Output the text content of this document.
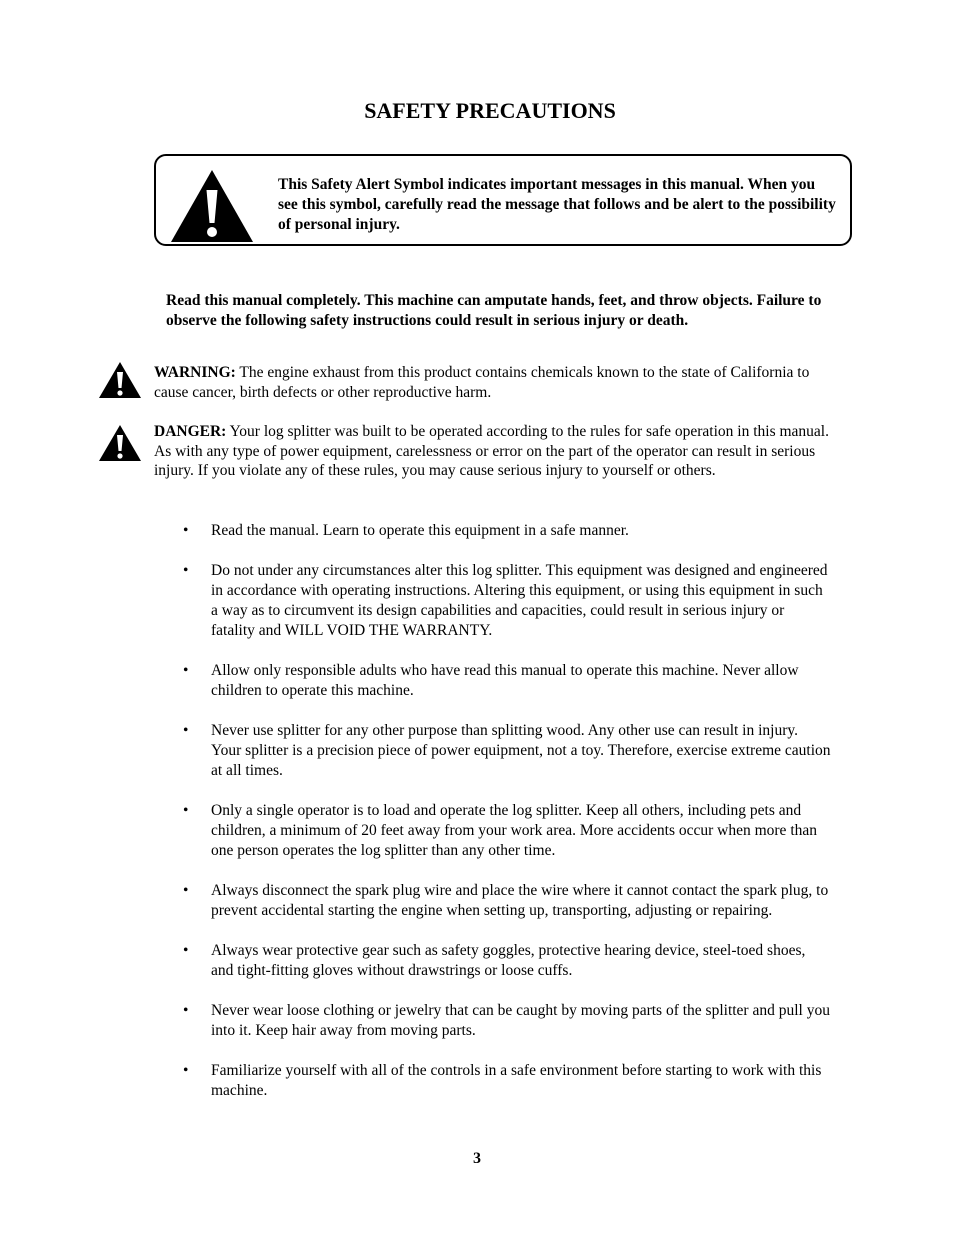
SAFETY PRECAUTIONS
This Safety Alert Symbol indicates important messages in this manual. When you see this symbol, carefully read the message that follows and be alert to the possibility of personal injury.
Read this manual completely. This machine can amputate hands, feet, and throw objects. Failure to observe the following safety instructions could result in serious injury or death.
WARNING: The engine exhaust from this product contains chemicals known to the state of California to cause cancer, birth defects or other reproductive harm.
DANGER: Your log splitter was built to be operated according to the rules for safe operation in this manual. As with any type of power equipment, carelessness or error on the part of the operator can result in serious injury. If you violate any of these rules, you may cause serious injury to yourself or others.
• Read the manual. Learn to operate this equipment in a safe manner.
• Do not under any circumstances alter this log splitter. This equipment was designed and engineered in accordance with operating instructions. Altering this equipment, or using this equipment in such a way as to circumvent its design capabilities and capacities, could result in serious injury or fatality and WILL VOID THE WARRANTY.
• Allow only responsible adults who have read this manual to operate this machine. Never allow children to operate this machine.
• Never use splitter for any other purpose than splitting wood. Any other use can result in injury. Your splitter is a precision piece of power equipment, not a toy. Therefore, exercise extreme caution at all times.
• Only a single operator is to load and operate the log splitter. Keep all others, including pets and children, a minimum of 20 feet away from your work area. More accidents occur when more than one person operates the log splitter than any other time.
• Always disconnect the spark plug wire and place the wire where it cannot contact the spark plug, to prevent accidental starting the engine when setting up, transporting, adjusting or repairing.
• Always wear protective gear such as safety goggles, protective hearing device, steel-toed shoes, and tight-fitting gloves without drawstrings or loose cuffs.
• Never wear loose clothing or jewelry that can be caught by moving parts of the splitter and pull you into it. Keep hair away from moving parts.
• Familiarize yourself with all of the controls in a safe environment before starting to work with this machine.
3
